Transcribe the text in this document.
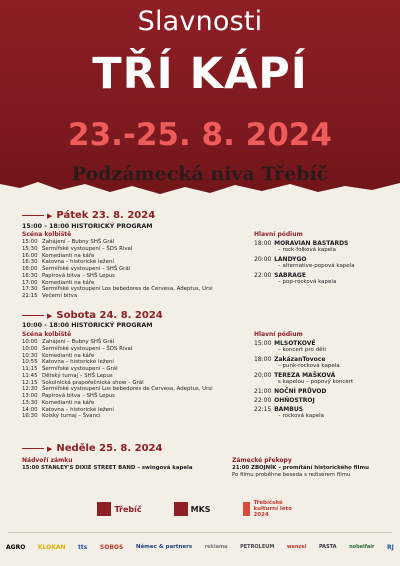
Slavnosti
TŘÍ KÁPÍ
23.-25. 8. 2024
Podzámecká niva Třebíč
▶ Pátek 23. 8. 2024
15:00 - 18:00 HISTORICKÝ PROGRAM
Scéna kolbiště
15:00 Zahájení – Bubny SHŠ Grál
15:30 Šermířské vystoupení – ŠDS Rival
16:00 Komedianti na káře
16:30 Katovna – historické ležení
16:00 Šermířské vystoupení – SHŠ Grál
16:30 Papírová bitva – SHŠ Lepus
17:00 Komedianti na káře
17:30 Šermířské vystoupení Los bebedores de Cervesa, Adeptus, Ursi
21:15 Večerní bitva
Hlavní pódium
18:00 MORAVIAN BASTARDS
– rock-folková kapela
20:00 LANDYGO
– alternative-popová kapela
22:00 SABRAGE
– pop-rocková kapela
▶ Sobota 24. 8. 2024
10:00 - 18:00 HISTORICKÝ PROGRAM
Scéna kolbiště
10:00 Zahájení – Bubny SHŠ Grál
10:00 Šermířské vystoupení – ŠDS Rival
10:30 Komedianti na káře
10:55 Katovna – historické ležení
11:15 Šermířské vystoupení – Grál
11:45 Dětský turnaj – SHŠ Lepus
12:15 Sokolnická prapořečnická show – Grál
12:30 Šermířské vystoupení Los bebedores de Cervesa, Adeptus, Ursi
13:00 Papírová bitva – SHŠ Lepus
13:30 Komedianti na káře
14:00 Katovna – historické ležení
16:30 Kolský turnaj – Švanci
Hlavní pódium
15:00 MLSOTKOVÉ
– koncert pro děti
18:00 ZakázanTovoce
– punk-rocková kapela
20:00 TEREZA MAŠKOVÁ
s kapelou – popový koncert
21:00 NOČNÍ PRŮVOD
22:00 OHŇOSTROJ
22:15 BAMBUS
– rocková kapela
▶ Neděle 25. 8. 2024
Nádvoří zámku
15:00 STANLEY'S DIXIE STREET BAND – swingová kapela
Zámecké překopy
21:00 ZBOJNÍK – promítání historického filmu
Po filmu proběhne beseda s režisérem filmu
Třebíč	MKS
Třebíčské kulturní léto 2024
AGRO	KLOKAN	tts	SOBOS	Němec & partners	reklama	PETROLEUM	wenzel	PASTA	nobelfair	RJ
